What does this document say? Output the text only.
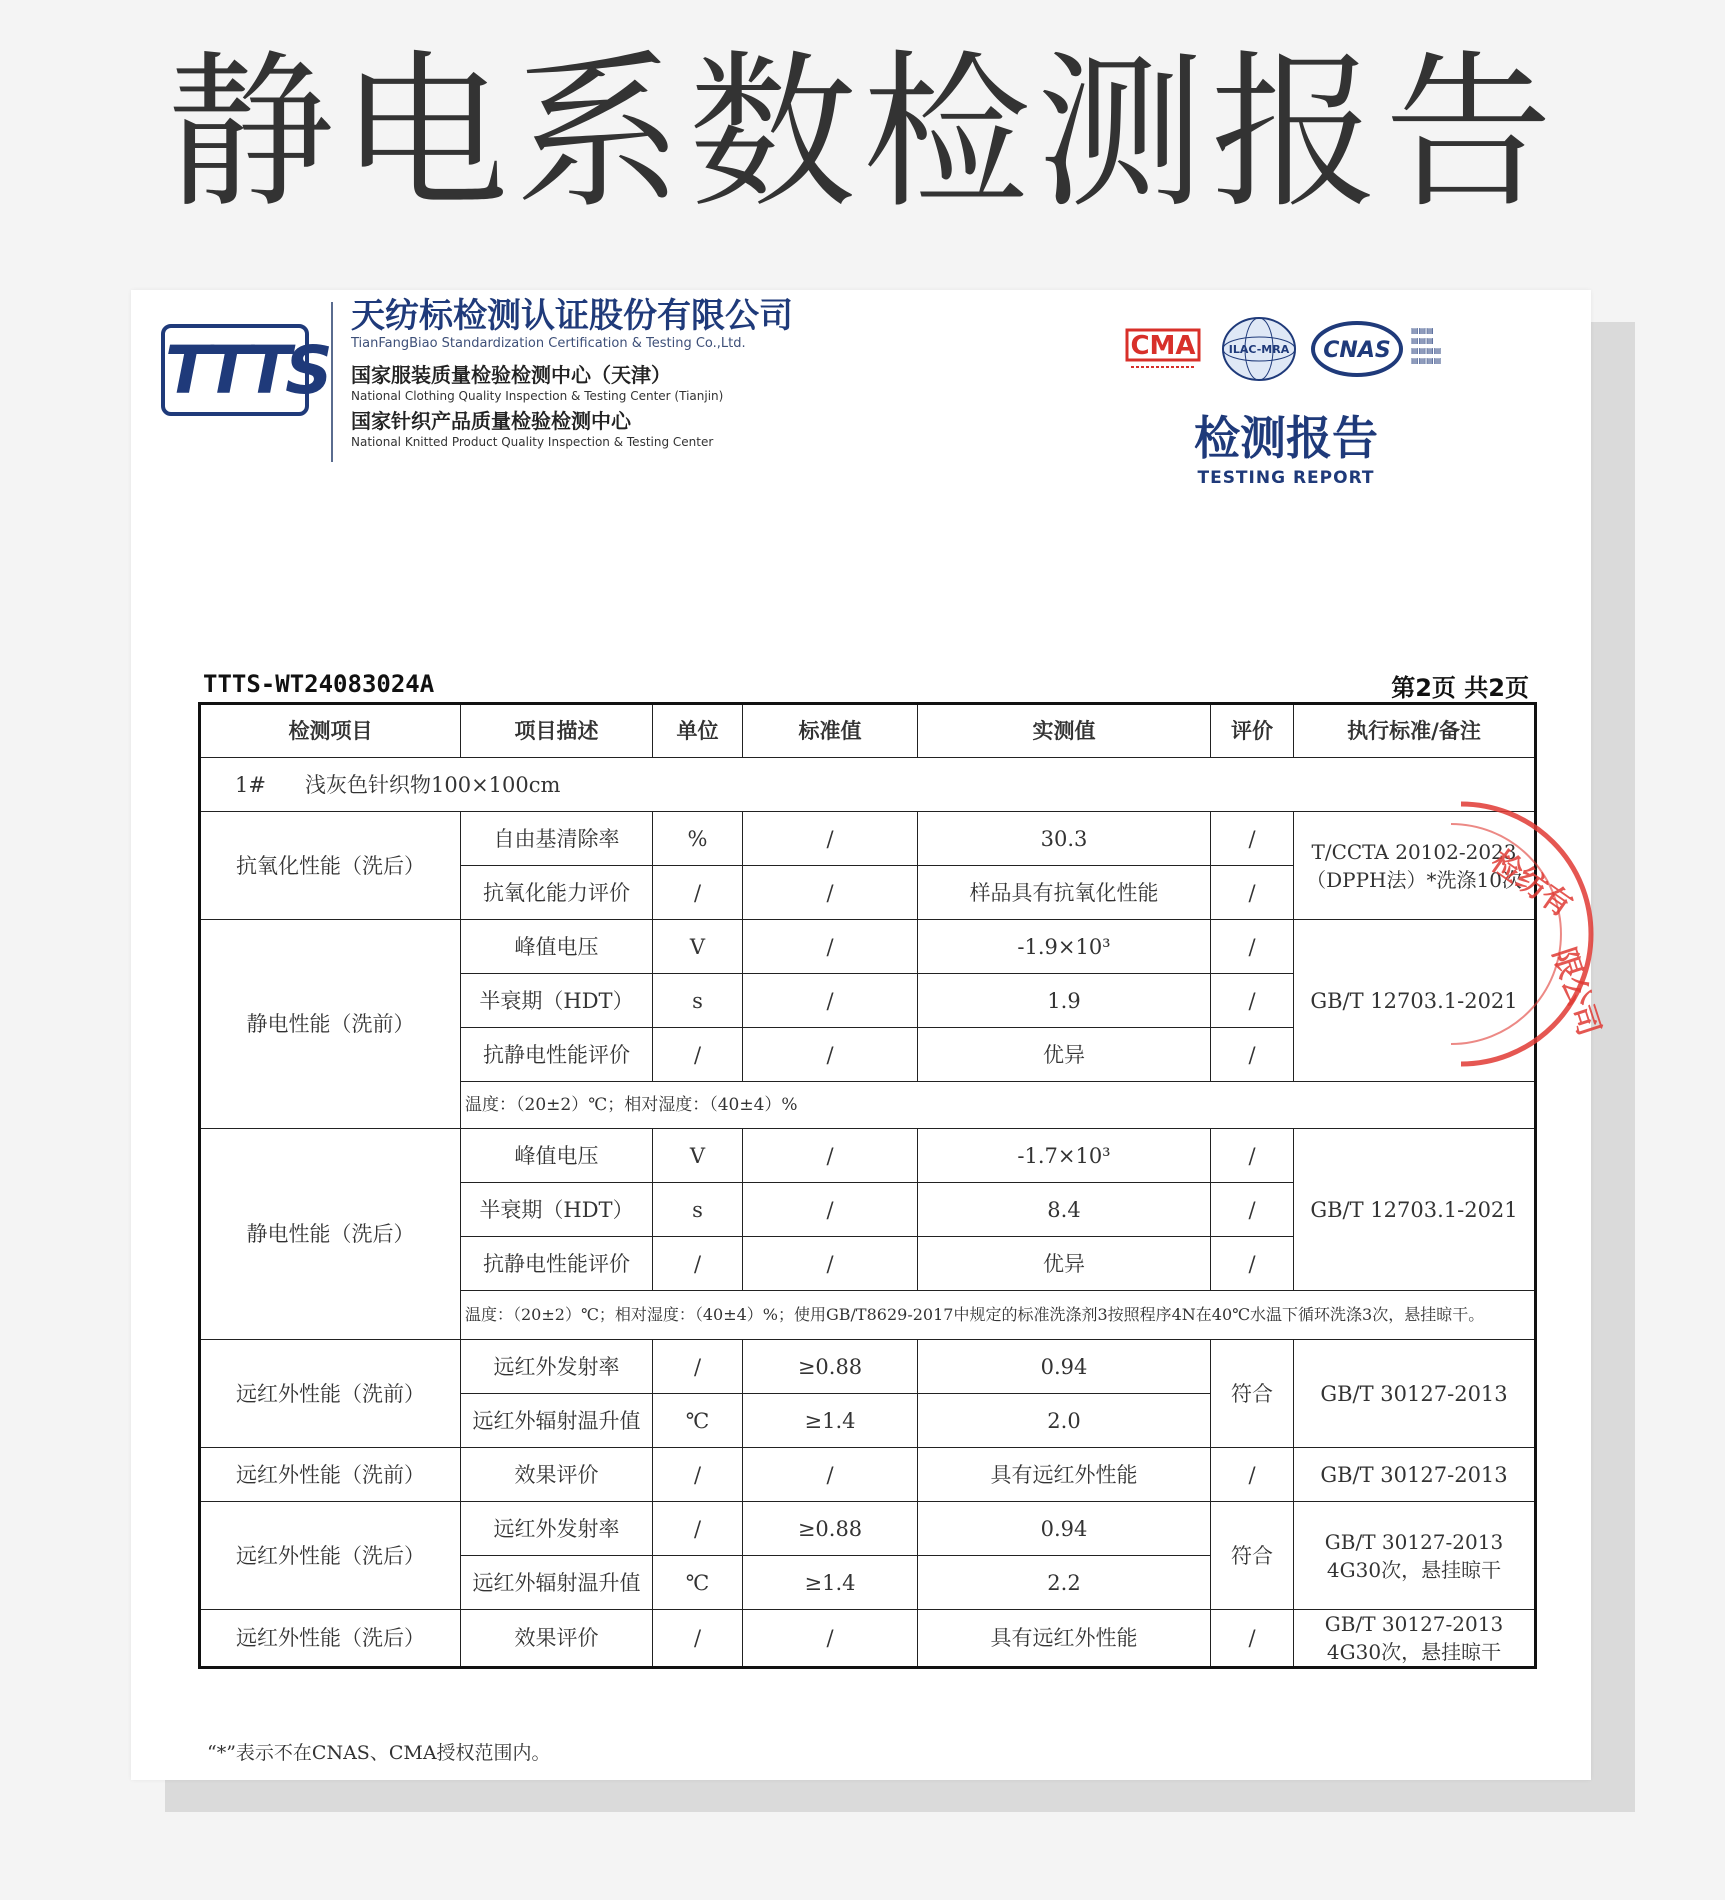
静电系数检测报告
TTTS
天纺标检测认证股份有限公司
TianFangBiao Standardization Certification & Testing Co.,Ltd.
国家服装质量检验检测中心（天津）
National Clothing Quality Inspection & Testing Center (Tianjin)
国家针织产品质量检验检测中心
National Knitted Product Quality Inspection & Testing Center
CMA	ILAC-MRA CNAS
▤▤▤
▤▤▤
▤▤▤▤
▤▤▤▤
检测报告
TESTING REPORT
TTTS-WT24083024A	第2页 共2页
检测项目	项目描述	单位	标准值	实测值	评价	执行标准/备注
1# 浅灰色针织物100×100cm						
抗氧化性能（洗后）	自由基清除率	%	/	30.3	/	T/CCTA 20102-2023（DPPH法）*洗涤10次
	抗氧化能力评价	/	/	样品具有抗氧化性能	/	
静电性能（洗前）	峰值电压	V	/	-1.9×10³	/	GB/T 12703.1-2021
	半衰期（HDT）	s	/	1.9	/	
	抗静电性能评价	/	/	优异	/	
	温度：（20±2）℃；相对湿度：（40±4）%					
静电性能（洗后）	峰值电压	V	/	-1.7×10³	/	GB/T 12703.1-2021
	半衰期（HDT）	s	/	8.4	/	
	抗静电性能评价	/	/	优异	/	
	温度：（20±2）℃；相对湿度：（40±4）%；使用GB/T8629-2017中规定的标准洗涤剂3按照程序4N在40℃水温下循环洗涤3次，悬挂晾干。					
远红外性能（洗前）	远红外发射率	/	≥0.88	0.94	符合	GB/T 30127-2013
	远红外辐射温升值	℃	≥1.4	2.0		
远红外性能（洗前）	效果评价	/	/	具有远红外性能	/	GB/T 30127-2013
远红外性能（洗后）	远红外发射率	/	≥0.88	0.94	符合	GB/T 30127-2013 4G30次，悬挂晾干
	远红外辐射温升值	℃	≥1.4	2.2		
远红外性能（洗后）	效果评价	/	/	具有远红外性能	/	GB/T 30127-2013 4G30次，悬挂晾干
“*”表示不在CNAS、CMA授权范围内。
检纺有
限公司
